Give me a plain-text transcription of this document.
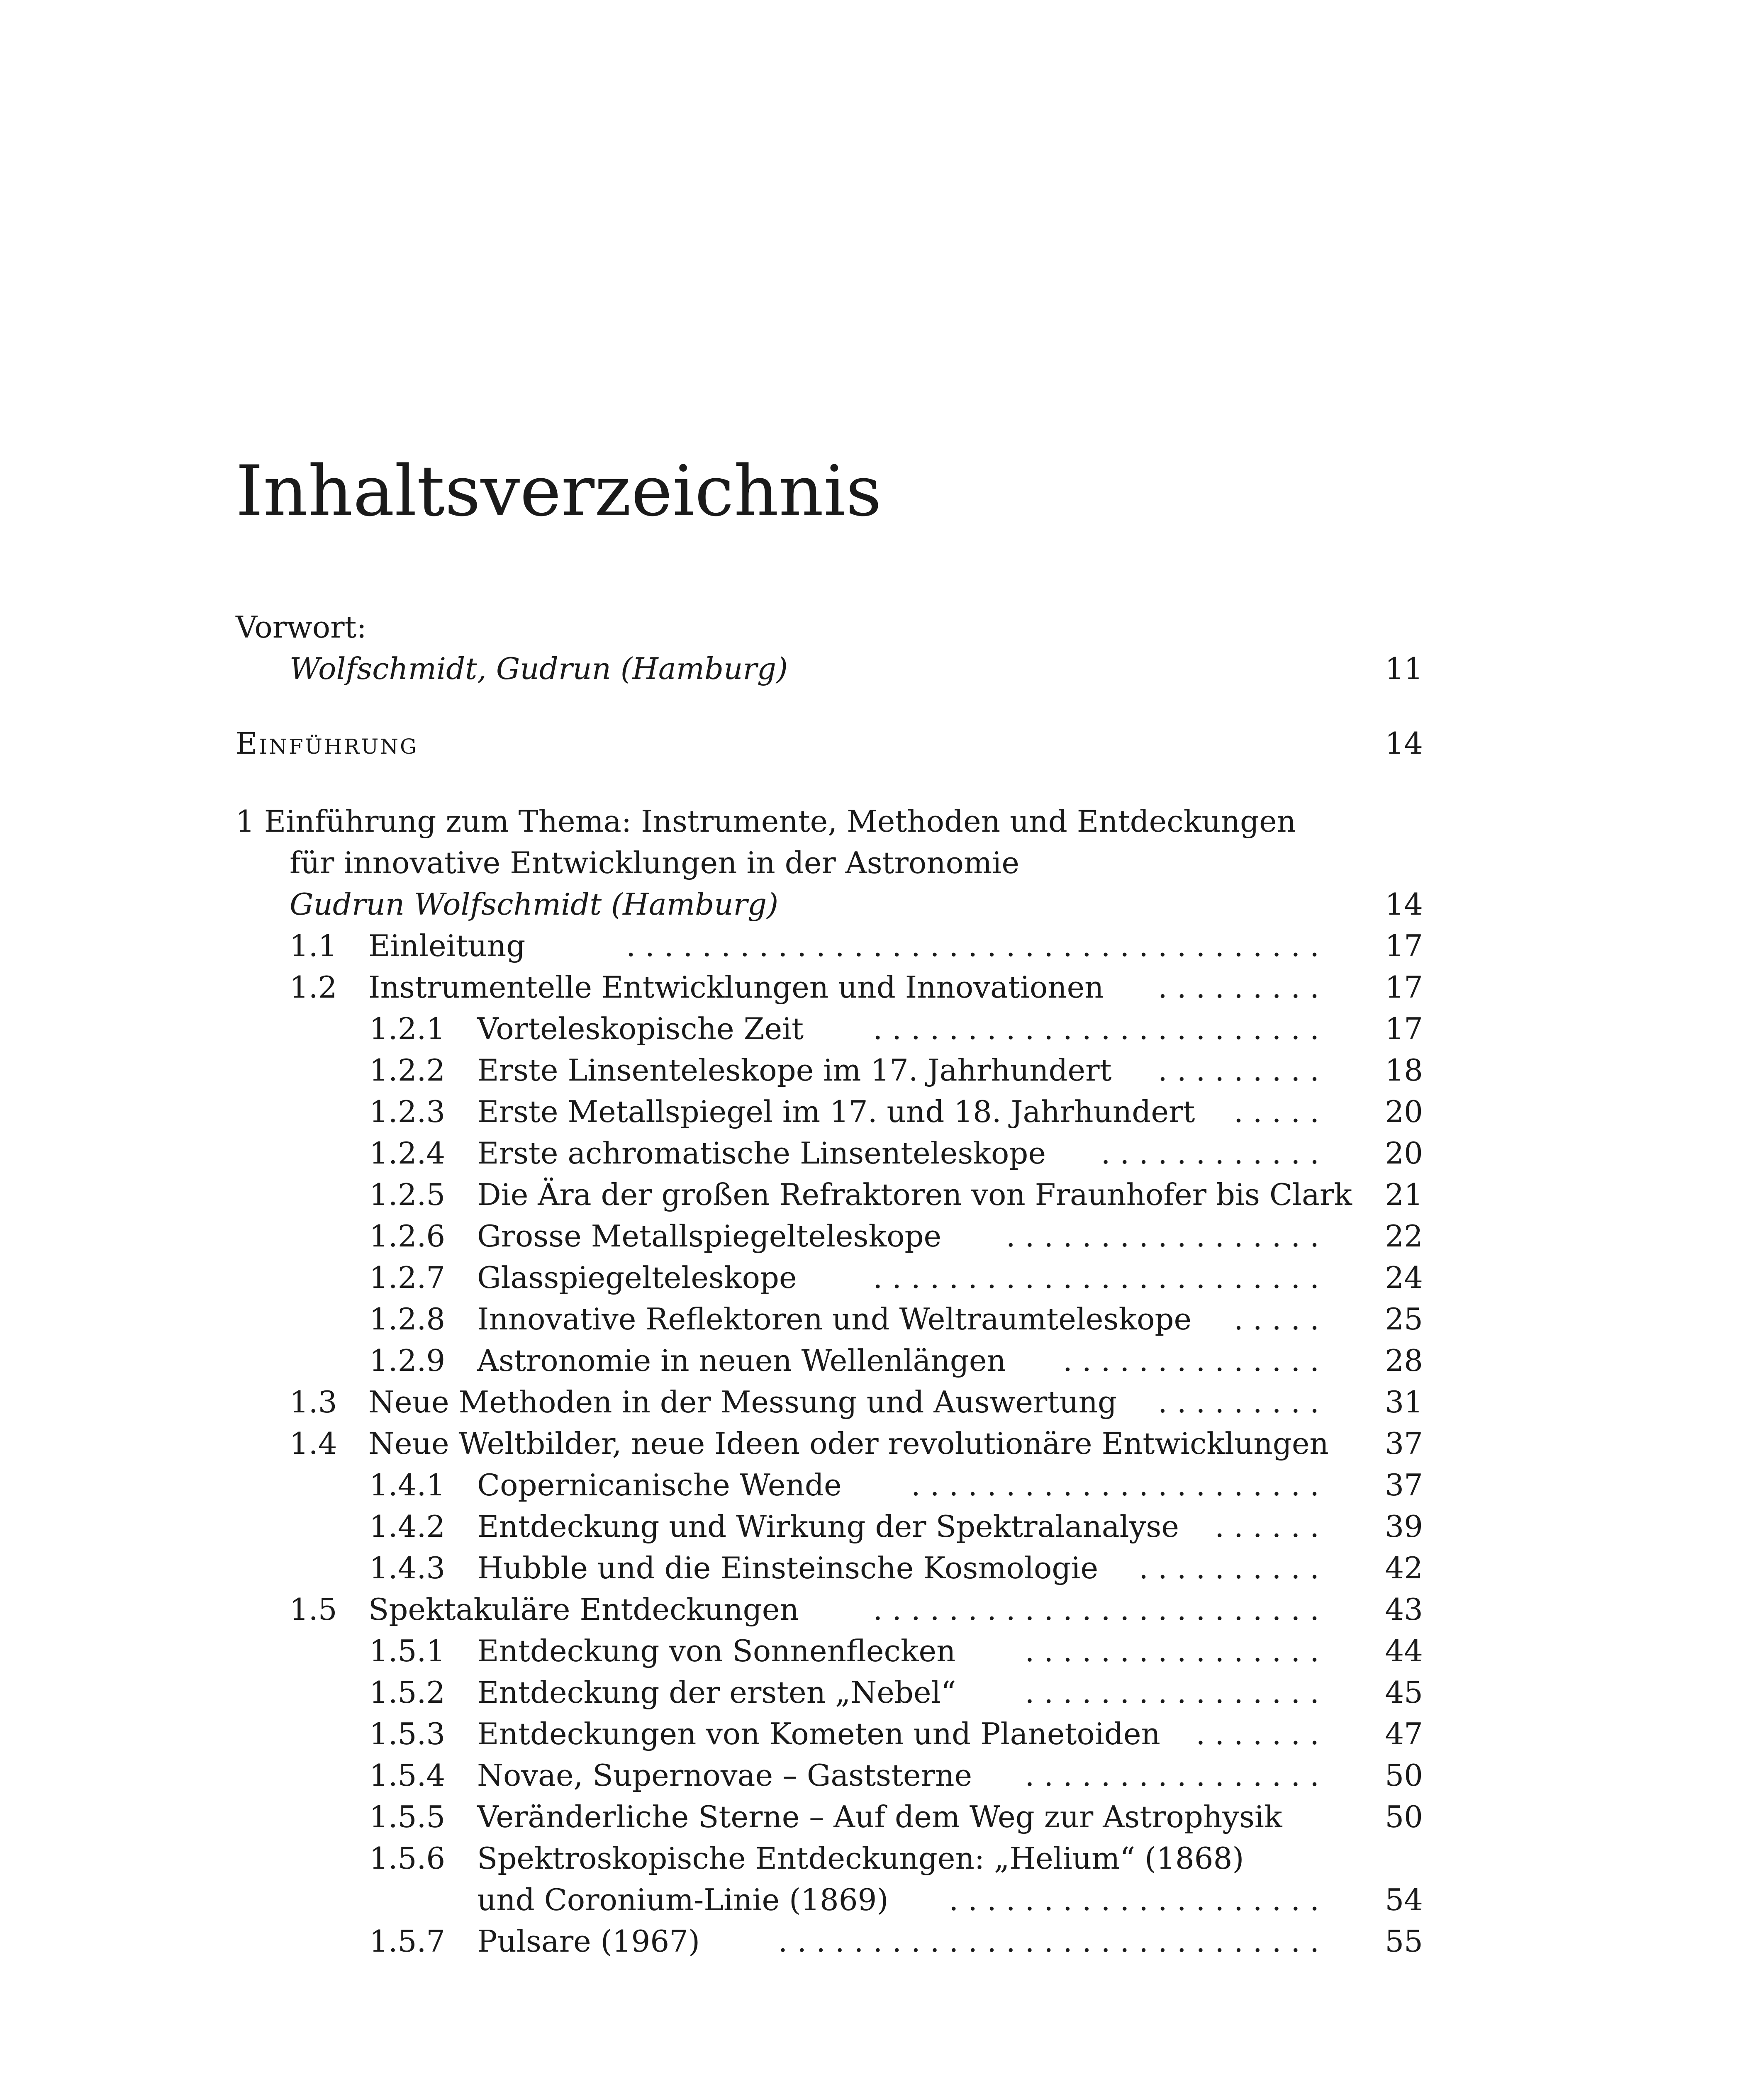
Inhaltsverzeichnis
Vorwort:
Wolfschmidt, Gudrun (Hamburg)	11
Einführung	14
1 Einführung zum Thema: Instrumente, Methoden und Entdeckungen
für innovative Entwicklungen in der Astronomie
Gudrun Wolfschmidt (Hamburg)	14
1.1 Einleitung	. . . . . . . . . . . . . . . . . . . . . . . . . . . . . . . . . . . . .	17
1.2 Instrumentelle Entwicklungen und Innovationen	. . . . . . . . .	17
1.2.1 Vorteleskopische Zeit	. . . . . . . . . . . . . . . . . . . . . . . .	17
1.2.2 Erste Linsenteleskope im 17. Jahrhundert	. . . . . . . . .	18
1.2.3 Erste Metallspiegel im 17. und 18. Jahrhundert	. . . . .	20
1.2.4 Erste achromatische Linsenteleskope	. . . . . . . . . . . .	20
1.2.5 Die Ära der großen Refraktoren von Fraunhofer bis Clark	21
1.2.6 Grosse Metallspiegelteleskope	. . . . . . . . . . . . . . . . .	22
1.2.7 Glasspiegelteleskope	. . . . . . . . . . . . . . . . . . . . . . . .	24
1.2.8 Innovative Reflektoren und Weltraumteleskope	. . . . .	25
1.2.9 Astronomie in neuen Wellenlängen	. . . . . . . . . . . . . .	28
1.3 Neue Methoden in der Messung und Auswertung	. . . . . . . . .	31
1.4 Neue Weltbilder, neue Ideen oder revolutionäre Entwicklungen	37
1.4.1 Copernicanische Wende	. . . . . . . . . . . . . . . . . . . . . .	37
1.4.2 Entdeckung und Wirkung der Spektralanalyse	. . . . . .	39
1.4.3 Hubble und die Einsteinsche Kosmologie	. . . . . . . . . .	42
1.5 Spektakuläre Entdeckungen	. . . . . . . . . . . . . . . . . . . . . . . .	43
1.5.1 Entdeckung von Sonnenflecken	. . . . . . . . . . . . . . . .	44
1.5.2 Entdeckung der ersten „Nebel“	. . . . . . . . . . . . . . . .	45
1.5.3 Entdeckungen von Kometen und Planetoiden	. . . . . . .	47
1.5.4 Novae, Supernovae – Gaststerne	. . . . . . . . . . . . . . . .	50
1.5.5 Veränderliche Sterne – Auf dem Weg zur Astrophysik	50
1.5.6 Spektroskopische Entdeckungen: „Helium“ (1868)
und Coronium-Linie (1869)	. . . . . . . . . . . . . . . . . . . .	54
1.5.7 Pulsare (1967)	. . . . . . . . . . . . . . . . . . . . . . . . . . . . .	55
